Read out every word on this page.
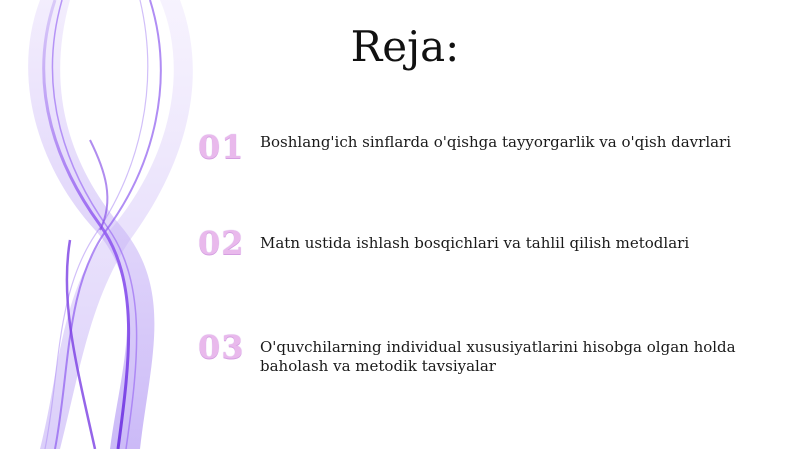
Reja:
01	Boshlang'ich sinflarda o'qishga tayyorgarlik va o'qish davrlari
02	Matn ustida ishlash bosqichlari va tahlil qilish metodlari
03	O'quvchilarning individual xususiyatlarini hisobga olgan holda baholash va metodik tavsiyalar
